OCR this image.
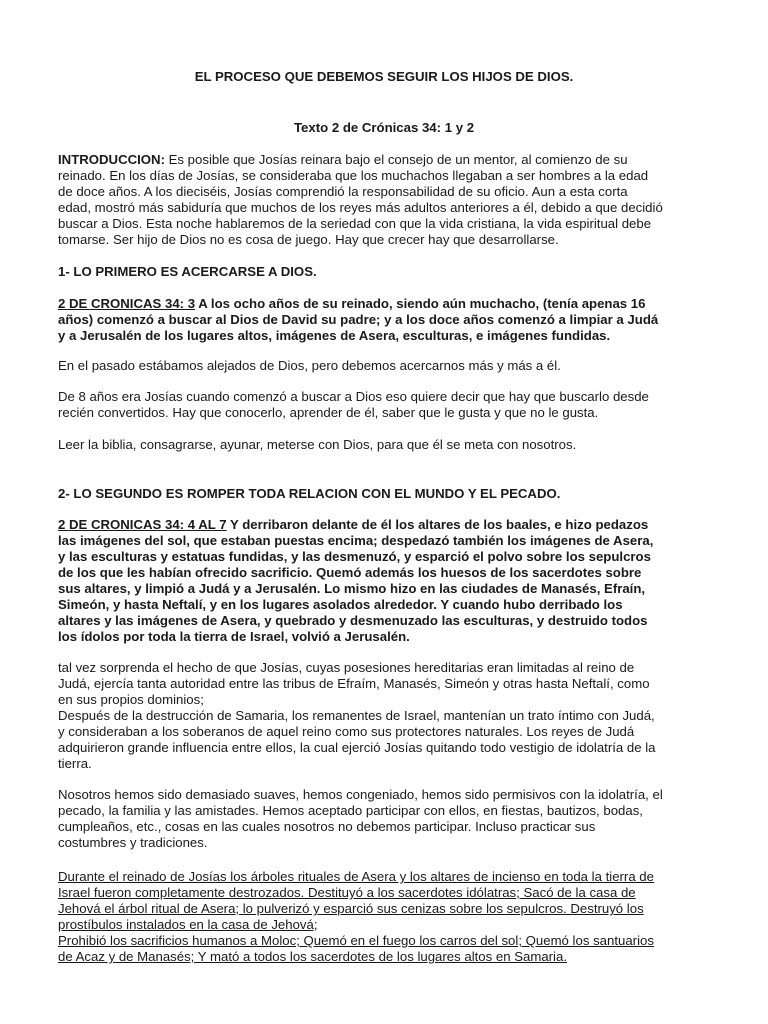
EL PROCESO QUE DEBEMOS SEGUIR LOS HIJOS DE DIOS.

Texto 2 de Crónicas 34: 1 y 2

INTRODUCCION: Es posible que Josías reinara bajo el consejo de un mentor, al comienzo de su

reinado. En los días de Josías, se consideraba que los muchachos llegaban a ser hombres a la edad

de doce años. A los dieciséis, Josías comprendió la responsabilidad de su oficio. Aun a esta corta

edad, mostró más sabiduría que muchos de los reyes más adultos anteriores a él, debido a que decidió

buscar a Dios. Esta noche hablaremos de la seriedad con que la vida cristiana, la vida espiritual debe

tomarse. Ser hijo de Dios no es cosa de juego. Hay que crecer hay que desarrollarse.

1- LO PRIMERO ES ACERCARSE A DIOS.

2 DE CRONICAS 34: 3 A los ocho años de su reinado, siendo aún muchacho, (tenía apenas 16

años) comenzó a buscar al Dios de David su padre; y a los doce años comenzó a limpiar a Judá

y a Jerusalén de los lugares altos, imágenes de Asera, esculturas, e imágenes fundidas.

En el pasado estábamos alejados de Dios, pero debemos acercarnos más y más a él.

De 8 años era Josías cuando comenzó a buscar a Dios eso quiere decir que hay que buscarlo desde

recién convertidos. Hay que conocerlo, aprender de él, saber que le gusta y que no le gusta.

Leer la biblia, consagrarse, ayunar, meterse con Dios, para que él se meta con nosotros.

2- LO SEGUNDO ES ROMPER TODA RELACION CON EL MUNDO Y EL PECADO.

2 DE CRONICAS 34: 4 AL 7 Y derribaron delante de él los altares de los baales, e hizo pedazos

las imágenes del sol, que estaban puestas encima; despedazó también los imágenes de Asera,

y las esculturas y estatuas fundidas, y las desmenuzó, y esparció el polvo sobre los sepulcros

de los que les habían ofrecido sacrificio. Quemó además los huesos de los sacerdotes sobre

sus altares, y limpió a Judá y a Jerusalén. Lo mismo hizo en las ciudades de Manasés, Efraín,

Simeón, y hasta Neftalí, y en los lugares asolados alrededor. Y cuando hubo derribado los

altares y las imágenes de Asera, y quebrado y desmenuzado las esculturas, y destruido todos

los ídolos por toda la tierra de Israel, volvió a Jerusalén.

tal vez sorprenda el hecho de que Josías, cuyas posesiones hereditarias eran limitadas al reino de

Judá, ejercía tanta autoridad entre las tribus de Efraím, Manasés, Simeón y otras hasta Neftalí, como

en sus propios dominios;

Después de la destrucción de Samaria, los remanentes de Israel, mantenían un trato íntimo con Judá,

y consideraban a los soberanos de aquel reino como sus protectores naturales. Los reyes de Judá

adquirieron grande influencia entre ellos, la cual ejerció Josías quitando todo vestigio de idolatría de la

tierra.

Nosotros hemos sido demasiado suaves, hemos congeniado, hemos sido permisivos con la idolatría, el

pecado, la familia y las amistades. Hemos aceptado participar con ellos, en fiestas, bautizos, bodas,

cumpleaños, etc., cosas en las cuales nosotros no debemos participar. Incluso practicar sus

costumbres y tradiciones.

Durante el reinado de Josías los árboles rituales de Asera y los altares de incienso en toda la tierra de

Israel fueron completamente destrozados. Destituyó a los sacerdotes idólatras; Sacó de la casa de

Jehová el árbol ritual de Asera; lo pulverizó y esparció sus cenizas sobre los sepulcros. Destruyó los

prostíbulos instalados en la casa de Jehová;

Prohibió los sacrificios humanos a Moloc; Quemó en el fuego los carros del sol; Quemó los santuarios

de Acaz y de Manasés; Y mató a todos los sacerdotes de los lugares altos en Samaria.
